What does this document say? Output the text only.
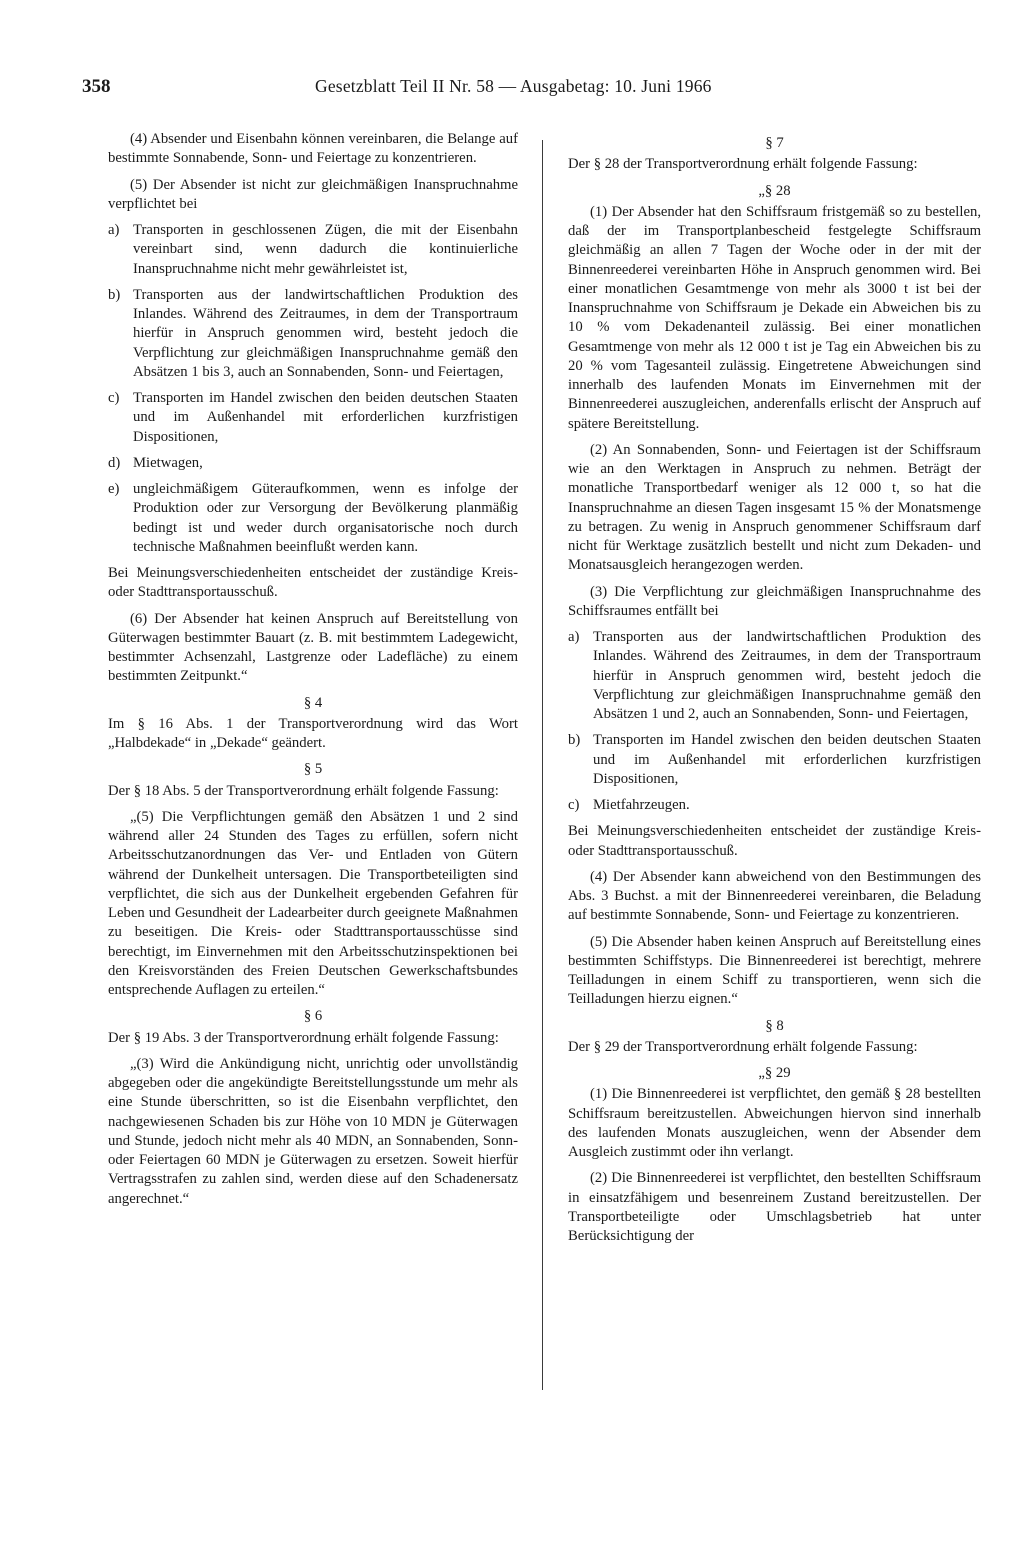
358	Gesetzblatt Teil II Nr. 58 — Ausgabetag: 10. Juni 1966

(4) Absender und Eisenbahn können vereinbaren, die Belange auf bestimmte Sonnabende, Sonn- und Feiertage zu konzentrieren.

(5) Der Absender ist nicht zur gleichmäßigen Inanspruchnahme verpflichtet bei

a) Transporten in geschlossenen Zügen, die mit der Eisenbahn vereinbart sind, wenn dadurch die kontinuierliche Inanspruchnahme nicht mehr gewährleistet ist,
b) Transporten aus der landwirtschaftlichen Produktion des Inlandes. Während des Zeitraumes, in dem der Transportraum hierfür in Anspruch genommen wird, besteht jedoch die Verpflichtung zur gleichmäßigen Inanspruchnahme gemäß den Absätzen 1 bis 3, auch an Sonnabenden, Sonn- und Feiertagen,
c) Transporten im Handel zwischen den beiden deutschen Staaten und im Außenhandel mit erforderlichen kurzfristigen Dispositionen,
d) Mietwagen,
e) ungleichmäßigem Güteraufkommen, wenn es infolge der Produktion oder zur Versorgung der Bevölkerung planmäßig bedingt ist und weder durch organisatorische noch durch technische Maßnahmen beeinflußt werden kann.

Bei Meinungsverschiedenheiten entscheidet der zuständige Kreis- oder Stadttransportausschuß.

(6) Der Absender hat keinen Anspruch auf Bereitstellung von Güterwagen bestimmter Bauart (z. B. mit bestimmtem Ladegewicht, bestimmter Achsenzahl, Lastgrenze oder Ladefläche) zu einem bestimmten Zeitpunkt.“

§ 4

Im § 16 Abs. 1 der Transportverordnung wird das Wort „Halbdekade“ in „Dekade“ geändert.

§ 5

Der § 18 Abs. 5 der Transportverordnung erhält folgende Fassung:

„(5) Die Verpflichtungen gemäß den Absätzen 1 und 2 sind während aller 24 Stunden des Tages zu erfüllen, sofern nicht Arbeitsschutzanordnungen das Ver- und Entladen von Gütern während der Dunkelheit untersagen. Die Transportbeteiligten sind verpflichtet, die sich aus der Dunkelheit ergebenden Gefahren für Leben und Gesundheit der Ladearbeiter durch geeignete Maßnahmen zu beseitigen. Die Kreis- oder Stadttransportausschüsse sind berechtigt, im Einvernehmen mit den Arbeitsschutzinspektionen bei den Kreisvorständen des Freien Deutschen Gewerkschaftsbundes entsprechende Auflagen zu erteilen.“

§ 6

Der § 19 Abs. 3 der Transportverordnung erhält folgende Fassung:

„(3) Wird die Ankündigung nicht, unrichtig oder unvollständig abgegeben oder die angekündigte Bereitstellungsstunde um mehr als eine Stunde überschritten, so ist die Eisenbahn verpflichtet, den nachgewiesenen Schaden bis zur Höhe von 10 MDN je Güterwagen und Stunde, jedoch nicht mehr als 40 MDN, an Sonnabenden, Sonn- oder Feiertagen 60 MDN je Güterwagen zu ersetzen. Soweit hierfür Vertragsstrafen zu zahlen sind, werden diese auf den Schadenersatz angerechnet.“

§ 7

Der § 28 der Transportverordnung erhält folgende Fassung:

„§ 28

(1) Der Absender hat den Schiffsraum fristgemäß so zu bestellen, daß der im Transportplanbescheid festgelegte Schiffsraum gleichmäßig an allen 7 Tagen der Woche oder in der mit der Binnenreederei vereinbarten Höhe in Anspruch genommen wird. Bei einer monatlichen Gesamtmenge von mehr als 3000 t ist bei der Inanspruchnahme von Schiffsraum je Dekade ein Abweichen bis zu 10 % vom Dekadenanteil zulässig. Bei einer monatlichen Gesamtmenge von mehr als 12 000 t ist je Tag ein Abweichen bis zu 20 % vom Tagesanteil zulässig. Eingetretene Abweichungen sind innerhalb des laufenden Monats im Einvernehmen mit der Binnenreederei auszugleichen, anderenfalls erlischt der Anspruch auf spätere Bereitstellung.

(2) An Sonnabenden, Sonn- und Feiertagen ist der Schiffsraum wie an den Werktagen in Anspruch zu nehmen. Beträgt der monatliche Transportbedarf weniger als 12 000 t, so hat die Inanspruchnahme an diesen Tagen insgesamt 15 % der Monatsmenge zu betragen. Zu wenig in Anspruch genommener Schiffsraum darf nicht für Werktage zusätzlich bestellt und nicht zum Dekaden- und Monatsausgleich herangezogen werden.

(3) Die Verpflichtung zur gleichmäßigen Inanspruchnahme des Schiffsraumes entfällt bei

a) Transporten aus der landwirtschaftlichen Produktion des Inlandes. Während des Zeitraumes, in dem der Transportraum hierfür in Anspruch genommen wird, besteht jedoch die Verpflichtung zur gleichmäßigen Inanspruchnahme gemäß den Absätzen 1 und 2, auch an Sonnabenden, Sonn- und Feiertagen,
b) Transporten im Handel zwischen den beiden deutschen Staaten und im Außenhandel mit erforderlichen kurzfristigen Dispositionen,
c) Mietfahrzeugen.

Bei Meinungsverschiedenheiten entscheidet der zuständige Kreis- oder Stadttransportausschuß.

(4) Der Absender kann abweichend von den Bestimmungen des Abs. 3 Buchst. a mit der Binnenreederei vereinbaren, die Beladung auf bestimmte Sonnabende, Sonn- und Feiertage zu konzentrieren.

(5) Die Absender haben keinen Anspruch auf Bereitstellung eines bestimmten Schiffstyps. Die Binnenreederei ist berechtigt, mehrere Teilladungen in einem Schiff zu transportieren, wenn sich die Teilladungen hierzu eignen.“

§ 8

Der § 29 der Transportverordnung erhält folgende Fassung:

„§ 29

(1) Die Binnenreederei ist verpflichtet, den gemäß § 28 bestellten Schiffsraum bereitzustellen. Abweichungen hiervon sind innerhalb des laufenden Monats auszugleichen, wenn der Absender dem Ausgleich zustimmt oder ihn verlangt.

(2) Die Binnenreederei ist verpflichtet, den bestellten Schiffsraum in einsatzfähigem und besenreinem Zustand bereitzustellen. Der Transportbeteiligte oder Umschlagsbetrieb hat unter Berücksichtigung der
